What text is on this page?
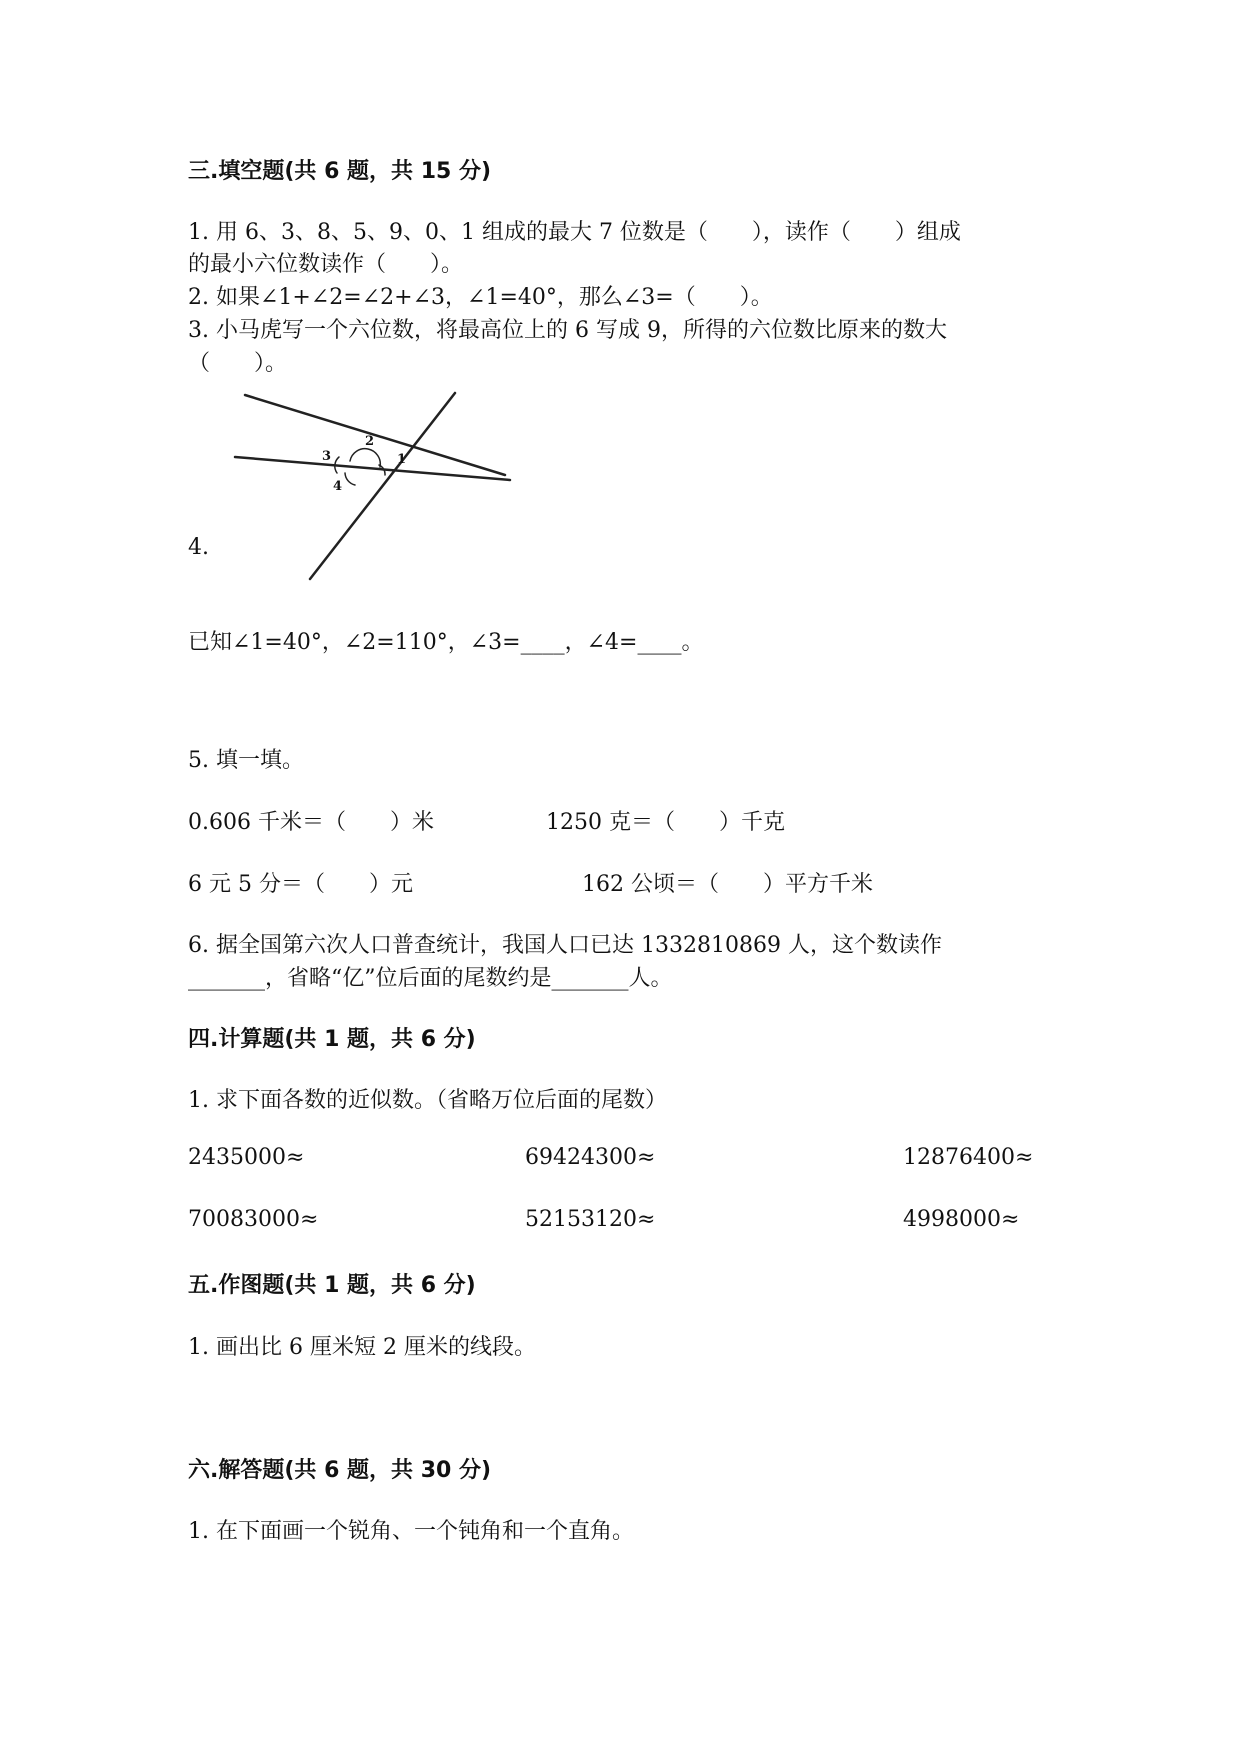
三.填空题(共 6 题，共 15 分)
1. 用 6、3、8、5、9、0、1 组成的最大 7 位数是（　　），读作（　　）组成
的最小六位数读作（　　）。
2. 如果∠1+∠2=∠2+∠3，∠1=40°，那么∠3=（　　）。
3. 小马虎写一个六位数，将最高位上的 6 写成 9，所得的六位数比原来的数大
（　　）。
2
1
3
4
4.
已知∠1=40°，∠2=110°，∠3=____，∠4=____。
5. 填一填。
0.606 千米＝（　　）米	1250 克＝（　　）千克
6 元 5 分＝（　　）元	162 公顷＝（　　）平方千米
6. 据全国第六次人口普查统计，我国人口已达 1332810869 人，这个数读作
_______，省略“亿”位后面的尾数约是_______人。
四.计算题(共 1 题，共 6 分)
1. 求下面各数的近似数。（省略万位后面的尾数）
2435000≈	69424300≈	12876400≈
70083000≈	52153120≈	4998000≈
五.作图题(共 1 题，共 6 分)
1. 画出比 6 厘米短 2 厘米的线段。
六.解答题(共 6 题，共 30 分)
1. 在下面画一个锐角、一个钝角和一个直角。
